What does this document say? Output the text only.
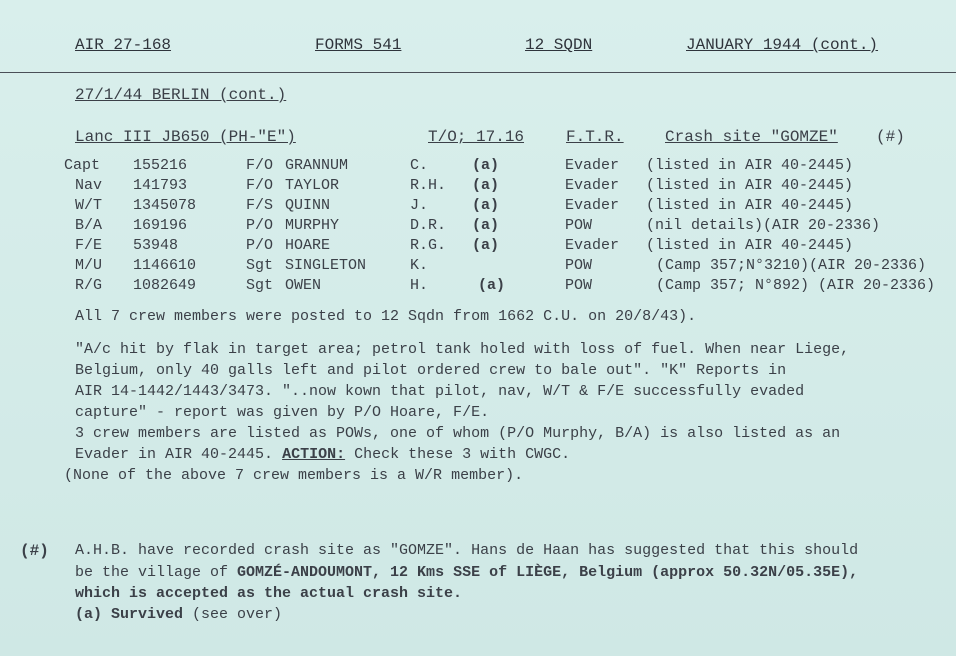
AIR 27-168	FORMS 541	12 SQDN	JANUARY 1944 (cont.)
27/1/44 BERLIN (cont.)
Lanc III JB650 (PH-"E")	T/O; 17.16	F.T.R.	Crash site "GOMZE" (#)
Capt 155216	F/O GRANNUM	C.	(a)	Evader (listed in AIR 40-2445)
Nav 141793	F/O TAYLOR	R.H. (a)	Evader (listed in AIR 40-2445)
W/T 1345078	F/S QUINN	J.	(a)	Evader (listed in AIR 40-2445)
B/A 169196	P/O MURPHY	D.R. (a)	POW	(nil details)(AIR 20-2336)
F/E 53948	P/O HOARE	R.G. (a)	Evader (listed in AIR 40-2445)
M/U 1146610	Sgt SINGLETON	K.	POW	(Camp 357;N°3210)(AIR 20-2336)
R/G 1082649	Sgt OWEN	H.	(a)	POW	(Camp 357; N°892) (AIR 20-2336)
All 7 crew members were posted to 12 Sqdn from 1662 C.U. on 20/8/43).
"A/c hit by flak in target area; petrol tank holed with loss of fuel. When near Liege,
Belgium, only 40 galls left and pilot ordered crew to bale out". "K" Reports in
AIR 14-1442/1443/3473. "..now kown that pilot, nav, W/T & F/E successfully evaded
capture" - report was given by P/O Hoare, F/E.
3 crew members are listed as POWs, one of whom (P/O Murphy, B/A) is also listed as an
Evader in AIR 40-2445. ACTION: Check these 3 with CWGC.
(None of the above 7 crew members is a W/R member).
(#) A.H.B. have recorded crash site as "GOMZE". Hans de Haan has suggested that this should
be the village of GOMZÉ-ANDOUMONT, 12 Kms SSE of LIÈGE, Belgium (approx 50.32N/05.35E),
which is accepted as the actual crash site.
(a) Survived (see over)
